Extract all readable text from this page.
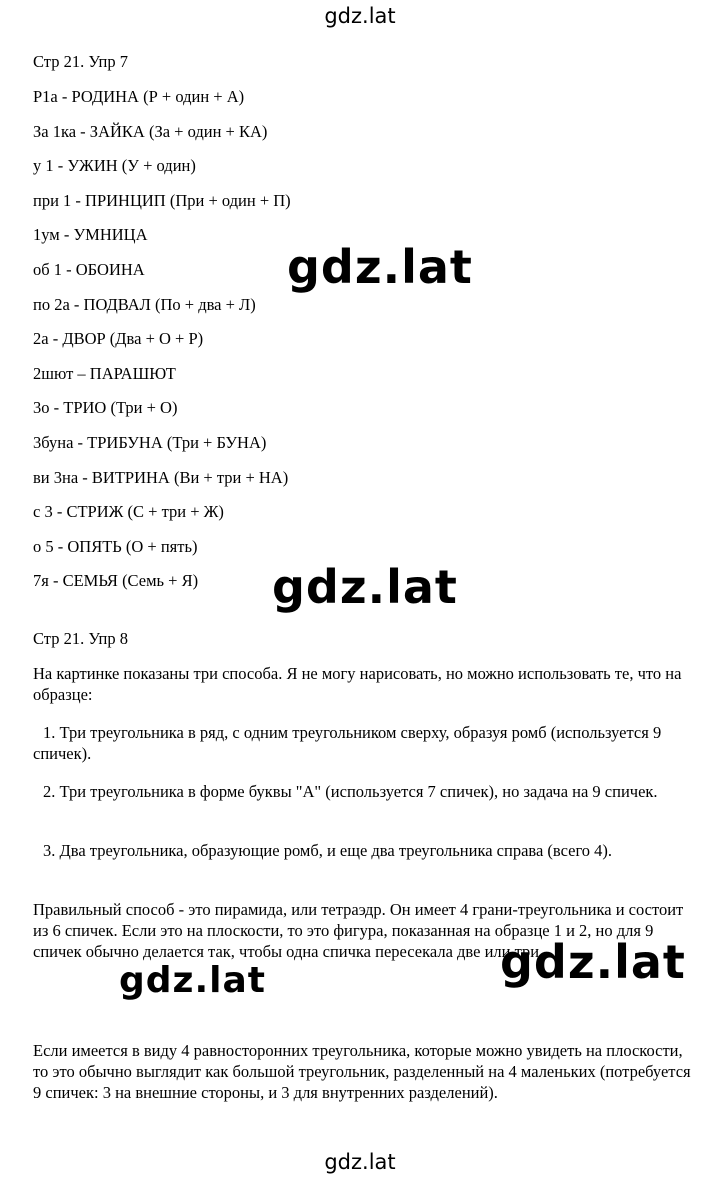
gdz.lat
Стр 21. Упр 7
Р1а - РОДИНА (Р + один + А)
За 1ка - ЗАЙКА (За + один + КА)
у 1 - УЖИН (У + один)
при 1 - ПРИНЦИП (При + один + П)
1ум - УМНИЦА
об 1 - ОБОИНА
по 2а - ПОДВАЛ (По + два + Л)
2а - ДВОР (Два + О + Р)
2шют – ПАРАШЮТ
3о - ТРИО (Три + О)
3буна - ТРИБУНА (Три + БУНА)
ви 3на - ВИТРИНА (Ви + три + НА)
с 3 - СТРИЖ (С + три + Ж)
о 5 - ОПЯТЬ (О + пять)
7я - СЕМЬЯ (Семь + Я)
Стр 21. Упр 8

На картинке показаны три способа. Я не могу нарисовать, но можно использовать те, что на образце:

1. Три треугольника в ряд, с одним треугольником сверху, образуя ромб (используется 9 спичек).

2. Три треугольника в форме буквы "А" (используется 7 спичек), но задача на 9 спичек.

3. Два треугольника, образующие ромб, и еще два треугольника справа (всего 4).

Правильный способ - это пирамида, или тетраэдр. Он имеет 4 грани-треугольника и состоит из 6 спичек. Если это на плоскости, то это фигура, показанная на образце 1 и 2, но для 9 спичек обычно делается так, чтобы одна спичка пересекала две или три.

Если имеется в виду 4 равносторонних треугольника, которые можно увидеть на плоскости, то это обычно выглядит как большой треугольник, разделенный на 4 маленьких (потребуется 9 спичек: 3 на внешние стороны, и 3 для внутренних разделений).

gdz.lat
gdz.lat
gdz.lat
gdz.lat
gdz.lat
